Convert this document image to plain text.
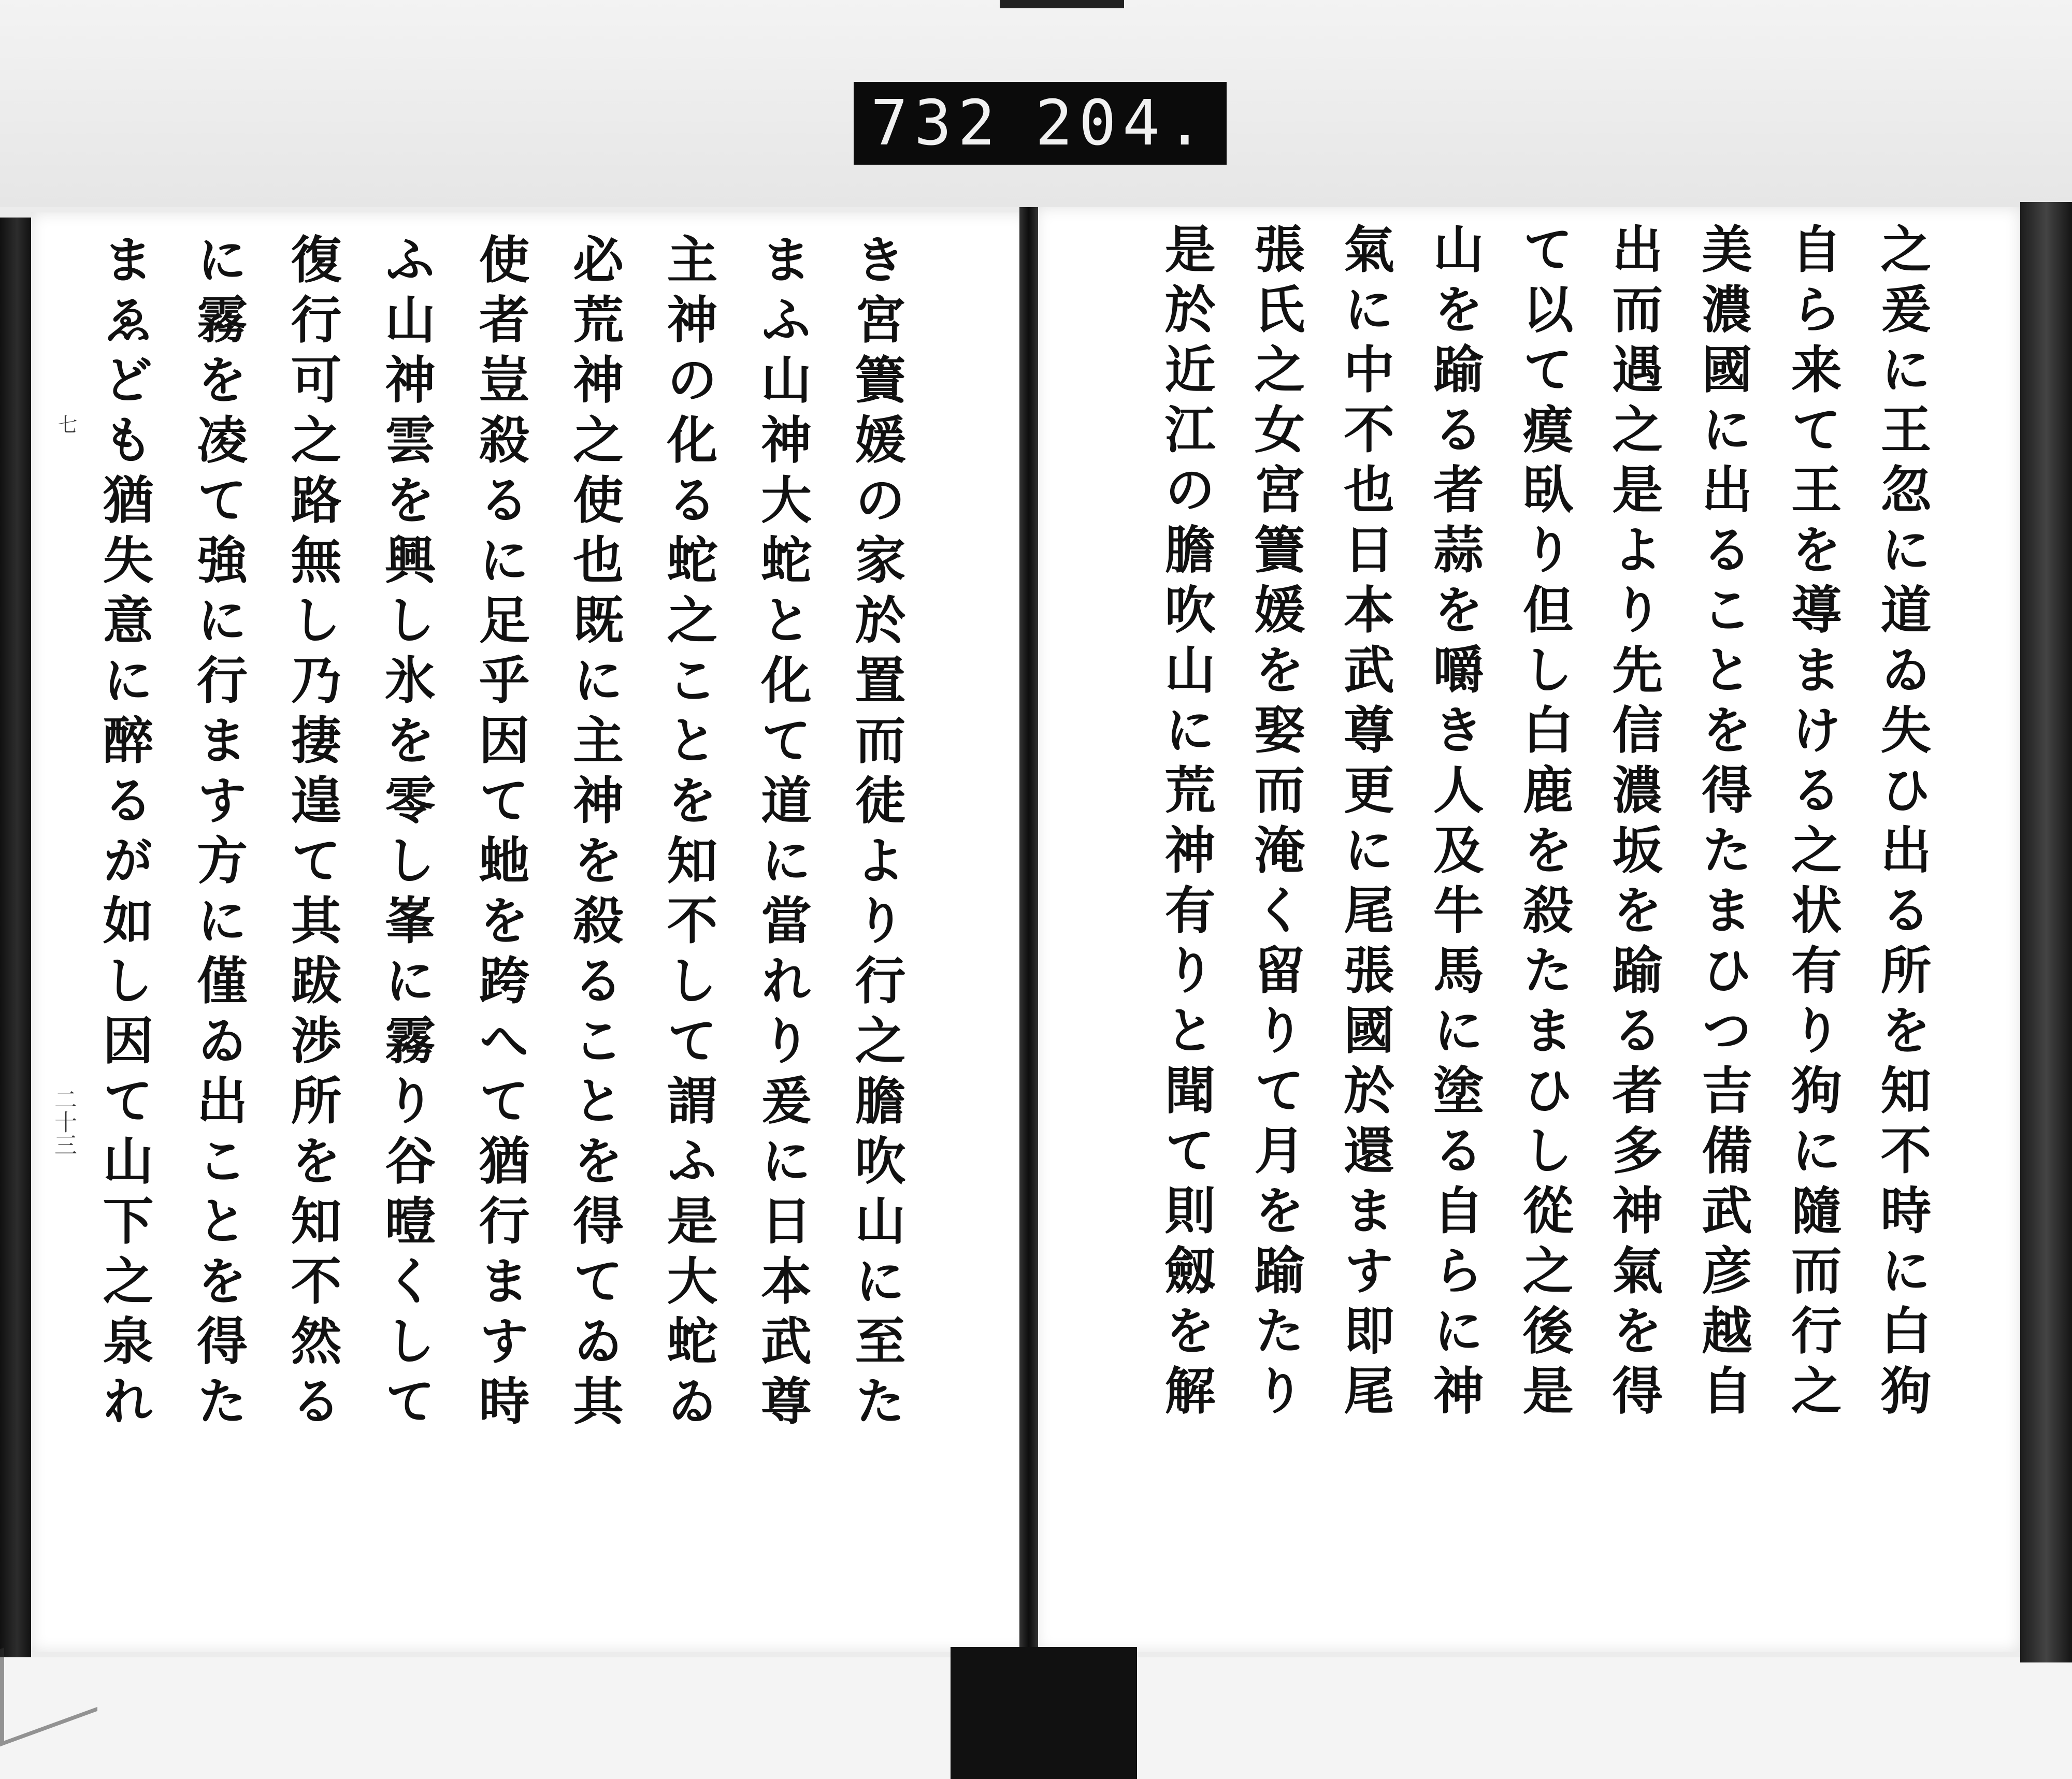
732 204.
之爰に王忽に道ゐ失ひ出る所を知不時に白狗
自ら来て王を導まける之状有り狗に隨而行之
美濃國に出ることを得たまひつ吉備武彦越自
出而遇之是より先信濃坂を踰る者多神氣を得
て以て瘼臥り但し白鹿を殺たまひし從之後是
山を踰る者蒜を嚼き人及牛馬に塗る自らに神
氣に中不也日本武尊更に尾張國於還ます即尾
張氏之女宮簀媛を娶而淹く留りて月を踰たり
是於近江の膽吹山に荒神有りと聞て則劔を解
き宮簀媛の家於置而徒より行之膽吹山に至た
まふ山神大蛇と化て道に當れり爰に日本武尊
主神の化る蛇之ことを知不して謂ふ是大蛇ゐ
必荒神之使也既に主神を殺ることを得てゐ其
使者豈殺るに足乎因て虵を跨へて猶行ます時
ふ山神雲を興し氷を零し峯に霧り谷曀くして
復行可之路無し乃捿遑て其跋渉所を知不然る
に霧を凌て強に行ます方に僅ゐ出ことを得た
まゑども猶失意に醉るが如し因て山下之泉れ
七
二十三
